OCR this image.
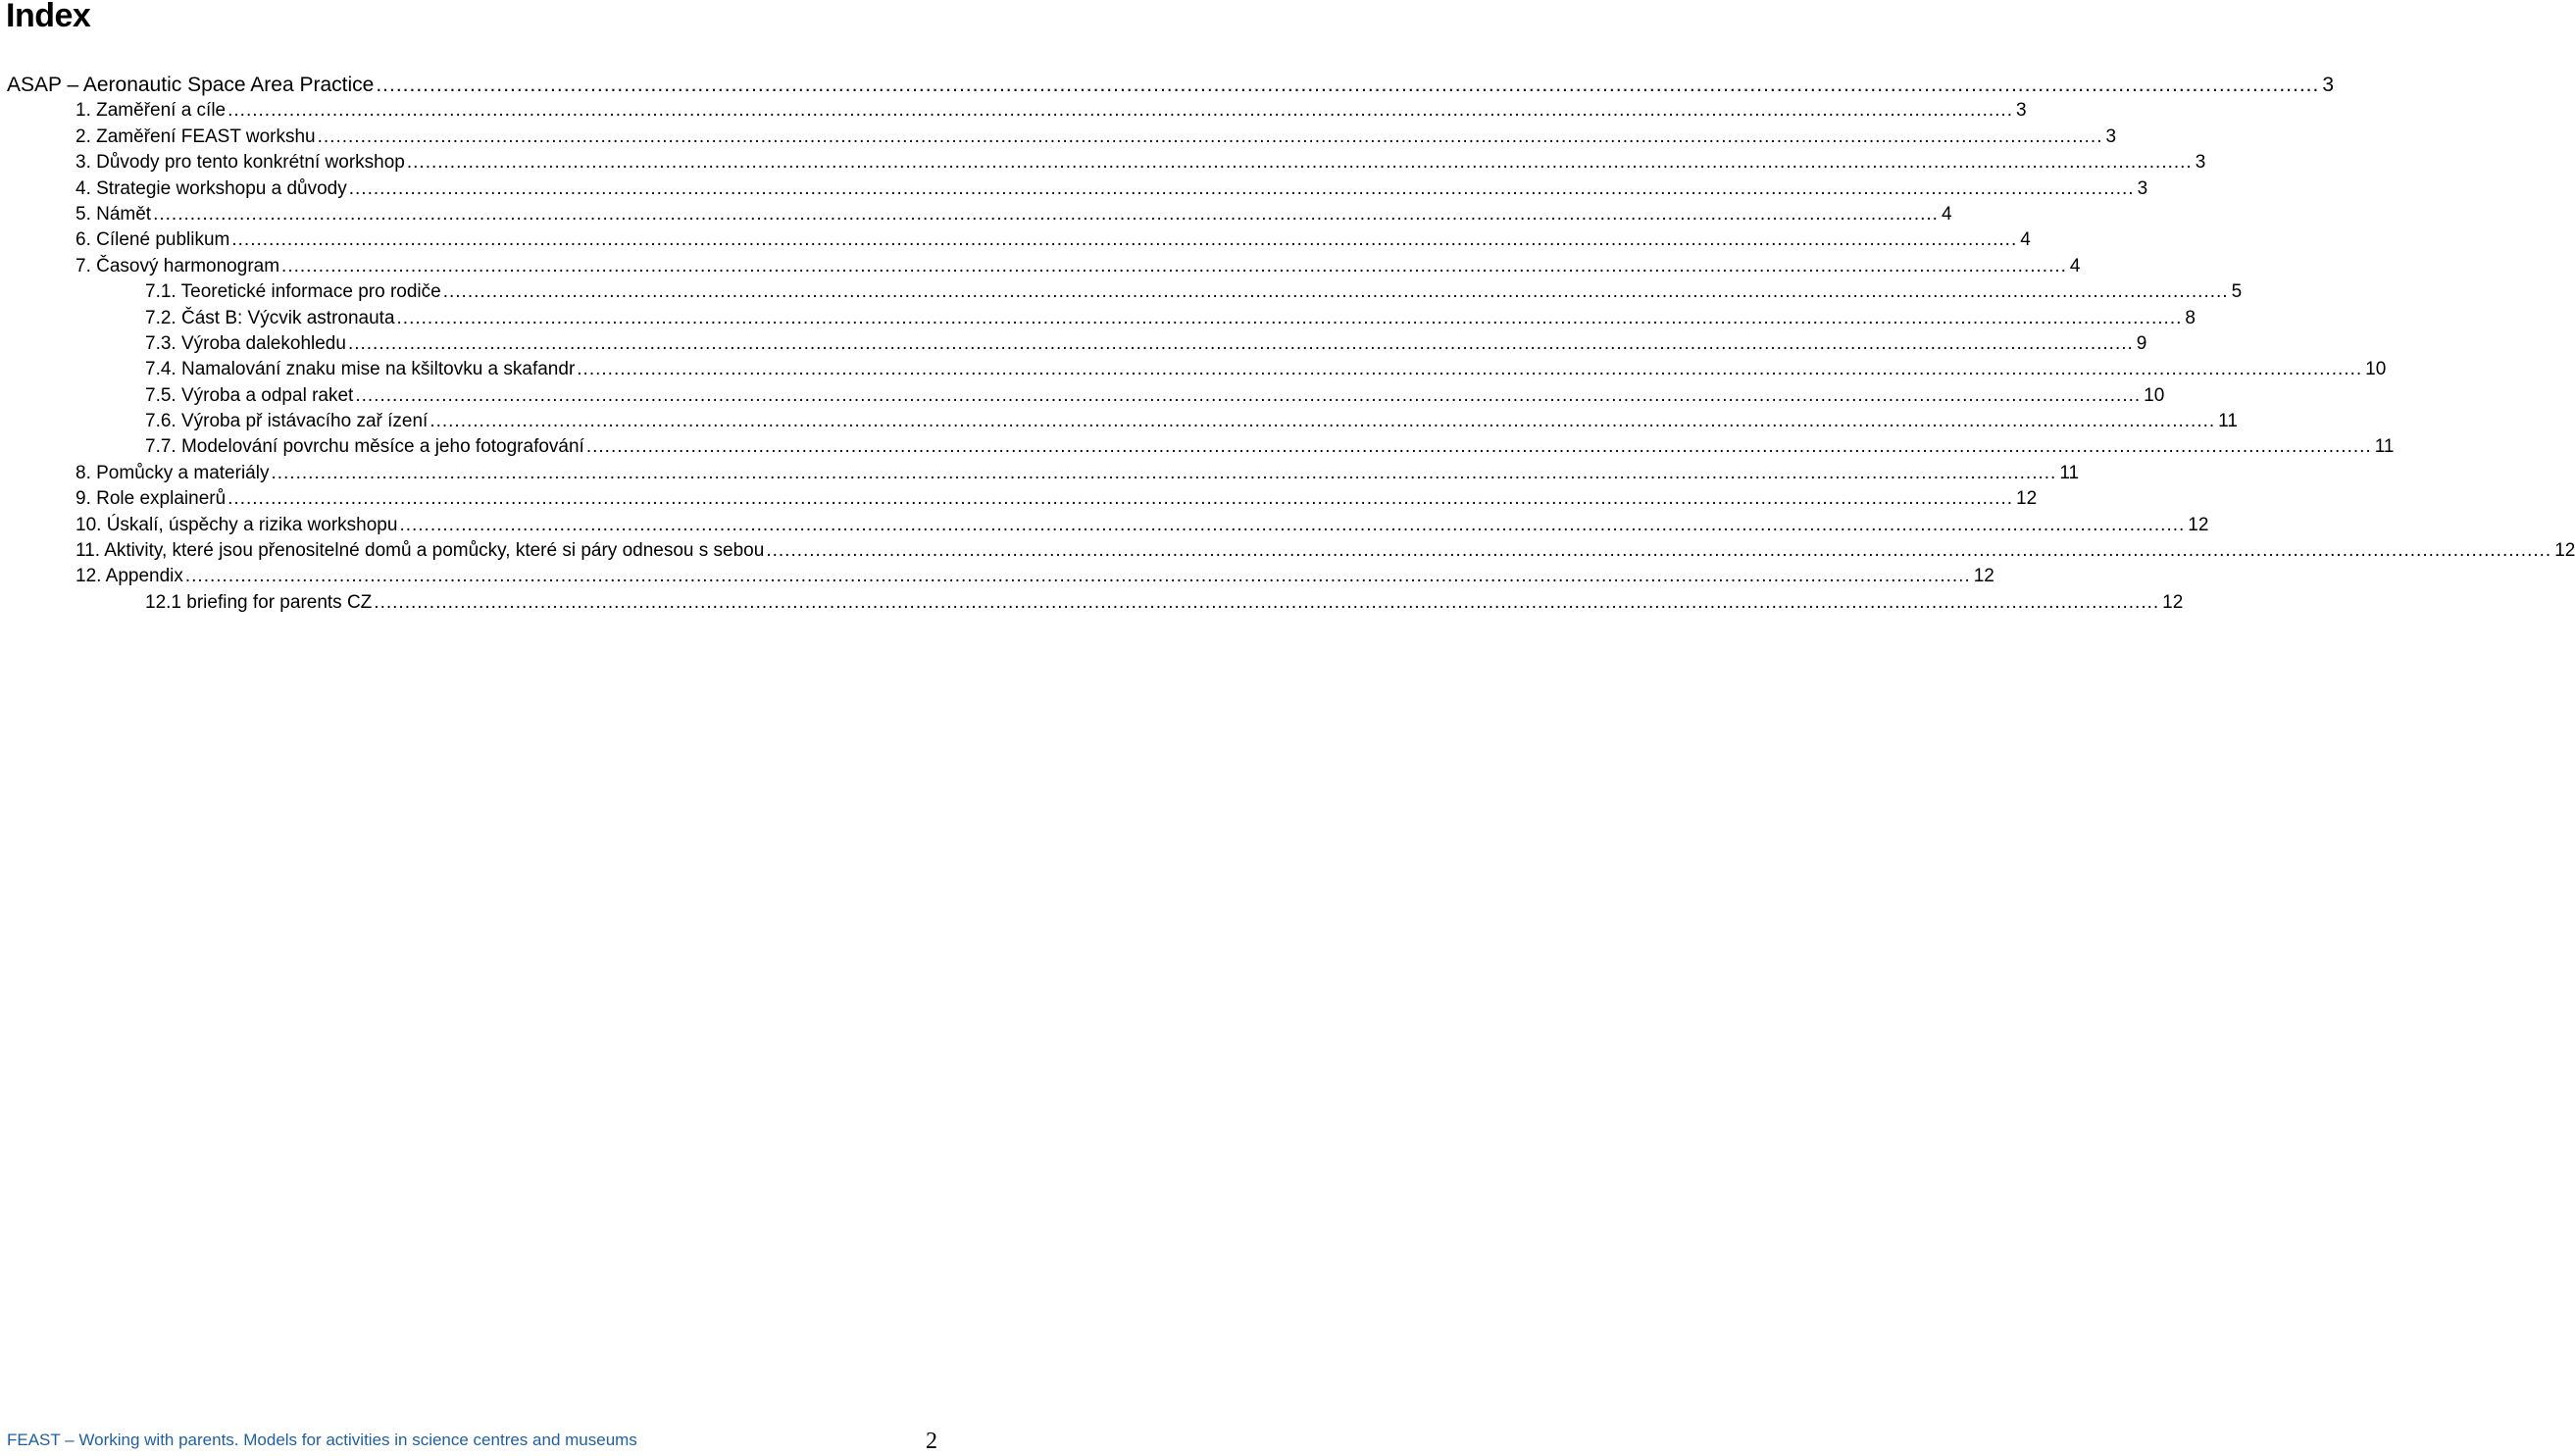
Index
ASAP – Aeronautic Space Area Practice .....	3
1. Zaměření a cíle .....	3
2. Zaměření FEAST workshu .....	3
3. Důvody pro tento konkrétní workshop .....	3
4. Strategie workshopu a důvody .....	3
5. Námět .....	4
6. Cílené publikum .....	4
7. Časový harmonogram .....	4
7.1. Teoretické informace pro rodiče .....	5
7.2. Část B: Výcvik astronauta .....	8
7.3. Výroba dalekohledu .....	9
7.4. Namalování znaku mise na kšiltovku a skafandr .....	10
7.5. Výroba a odpal raket .....	10
7.6. Výroba př istávacího zař ízení .....	11
7.7. Modelování povrchu měsíce a jeho fotografování .....	11
8. Pomůcky a materiály .....	11
9. Role explainerů .....	12
10. Úskalí, úspěchy a rizika workshopu .....	12
11. Aktivity, které jsou přenositelné domů a pomůcky, které si páry odnesou s sebou .....	12
12. Appendix .....	12
12.1 briefing for parents CZ .....	12
FEAST – Working with parents. Models for activities in science centres and museums	2
